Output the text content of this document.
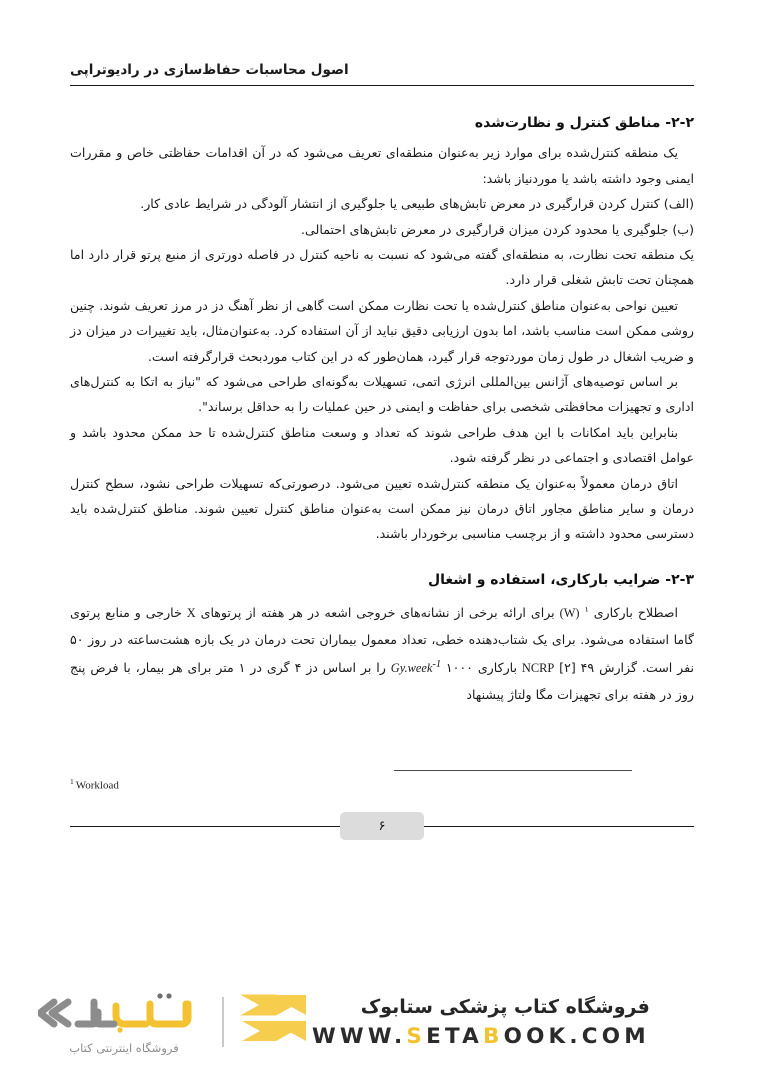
اصول محاسبات حفاظ‌سازی در رادیوتراپی
۲-۲- مناطق کنترل و نظارت‌شده

یک منطقه کنترل‌شده برای موارد زیر به‌عنوان منطقه‌ای تعریف می‌شود که در آن اقدامات حفاظتی خاص و مقررات ایمنی وجود داشته باشد یا موردنیاز باشد:

(الف) کنترل کردن قرارگیری در معرض تابش‌های طبیعی یا جلوگیری از انتشار آلودگی در شرایط عادی کار.

(ب) جلوگیری یا محدود کردن میزان قرارگیری در معرض تابش‌های احتمالی.

یک منطقه تحت نظارت، به منطقه‌ای گفته می‌شود که نسبت به ناحیه کنترل در فاصله دورتری از منبع پرتو قرار دارد اما همچنان تحت تابش شغلی قرار دارد.

تعیین نواحی به‌عنوان مناطق کنترل‌شده یا تحت نظارت ممکن است گاهی از نظر آهنگ دز در مرز تعریف شوند. چنین روشی ممکن است مناسب باشد، اما بدون ارزیابی دقیق نباید از آن استفاده کرد. به‌عنوان‌مثال، باید تغییرات در میزان دز و ضریب اشغال در طول زمان موردتوجه قرار گیرد، همان‌طور که در این کتاب موردبحث قرارگرفته است.

بر اساس توصیه‌های آژانس بین‌المللی انرژی اتمی، تسهیلات به‌گونه‌ای طراحی می‌شود که "نیاز به اتکا به کنترل‌های اداری و تجهیزات محافظتی شخصی برای حفاظت و ایمنی در حین عملیات را به حداقل برساند".

بنابراین باید امکانات با این هدف طراحی شوند که تعداد و وسعت مناطق کنترل‌شده تا حد ممکن محدود باشد و عوامل اقتصادی و اجتماعی در نظر گرفته شود.

اتاق درمان معمولاً به‌عنوان یک منطقه کنترل‌شده تعیین می‌شود. درصورتی‌که تسهیلات طراحی نشود، سطح کنترل درمان و سایر مناطق مجاور اتاق درمان نیز ممکن است به‌عنوان مناطق کنترل تعیین شوند. مناطق کنترل‌شده باید دسترسی محدود داشته و از برچسب مناسبی برخوردار باشند.

۲-۳- ضرایب بارکاری، استفاده و اشغال

اصطلاح بارکاری $^۱$ (W) برای ارائه برخی از نشانه‌های خروجی اشعه در هر هفته از پرتوهای X خارجی و منابع پرتوی گاما استفاده می‌شود. برای یک شتاب‌دهنده خطی، تعداد معمول بیماران تحت درمان در یک بازه هشت‌ساعته در روز ۵۰ نفر است. گزارش ۴۹ NCRP [۲] بارکاری ۱۰۰۰ Gy.week$^{-1}$ را بر اساس دز ۴ گری در ۱ متر برای هر بیمار، با فرض پنج روز در هفته برای تجهیزات مگا ولتاژ پیشنهاد

$^1$ Workload
۶
فروشگاه کتاب پزشکی ستابوک
WWW.SETABOOK.COM
فروشگاه اینترنتی کتاب
